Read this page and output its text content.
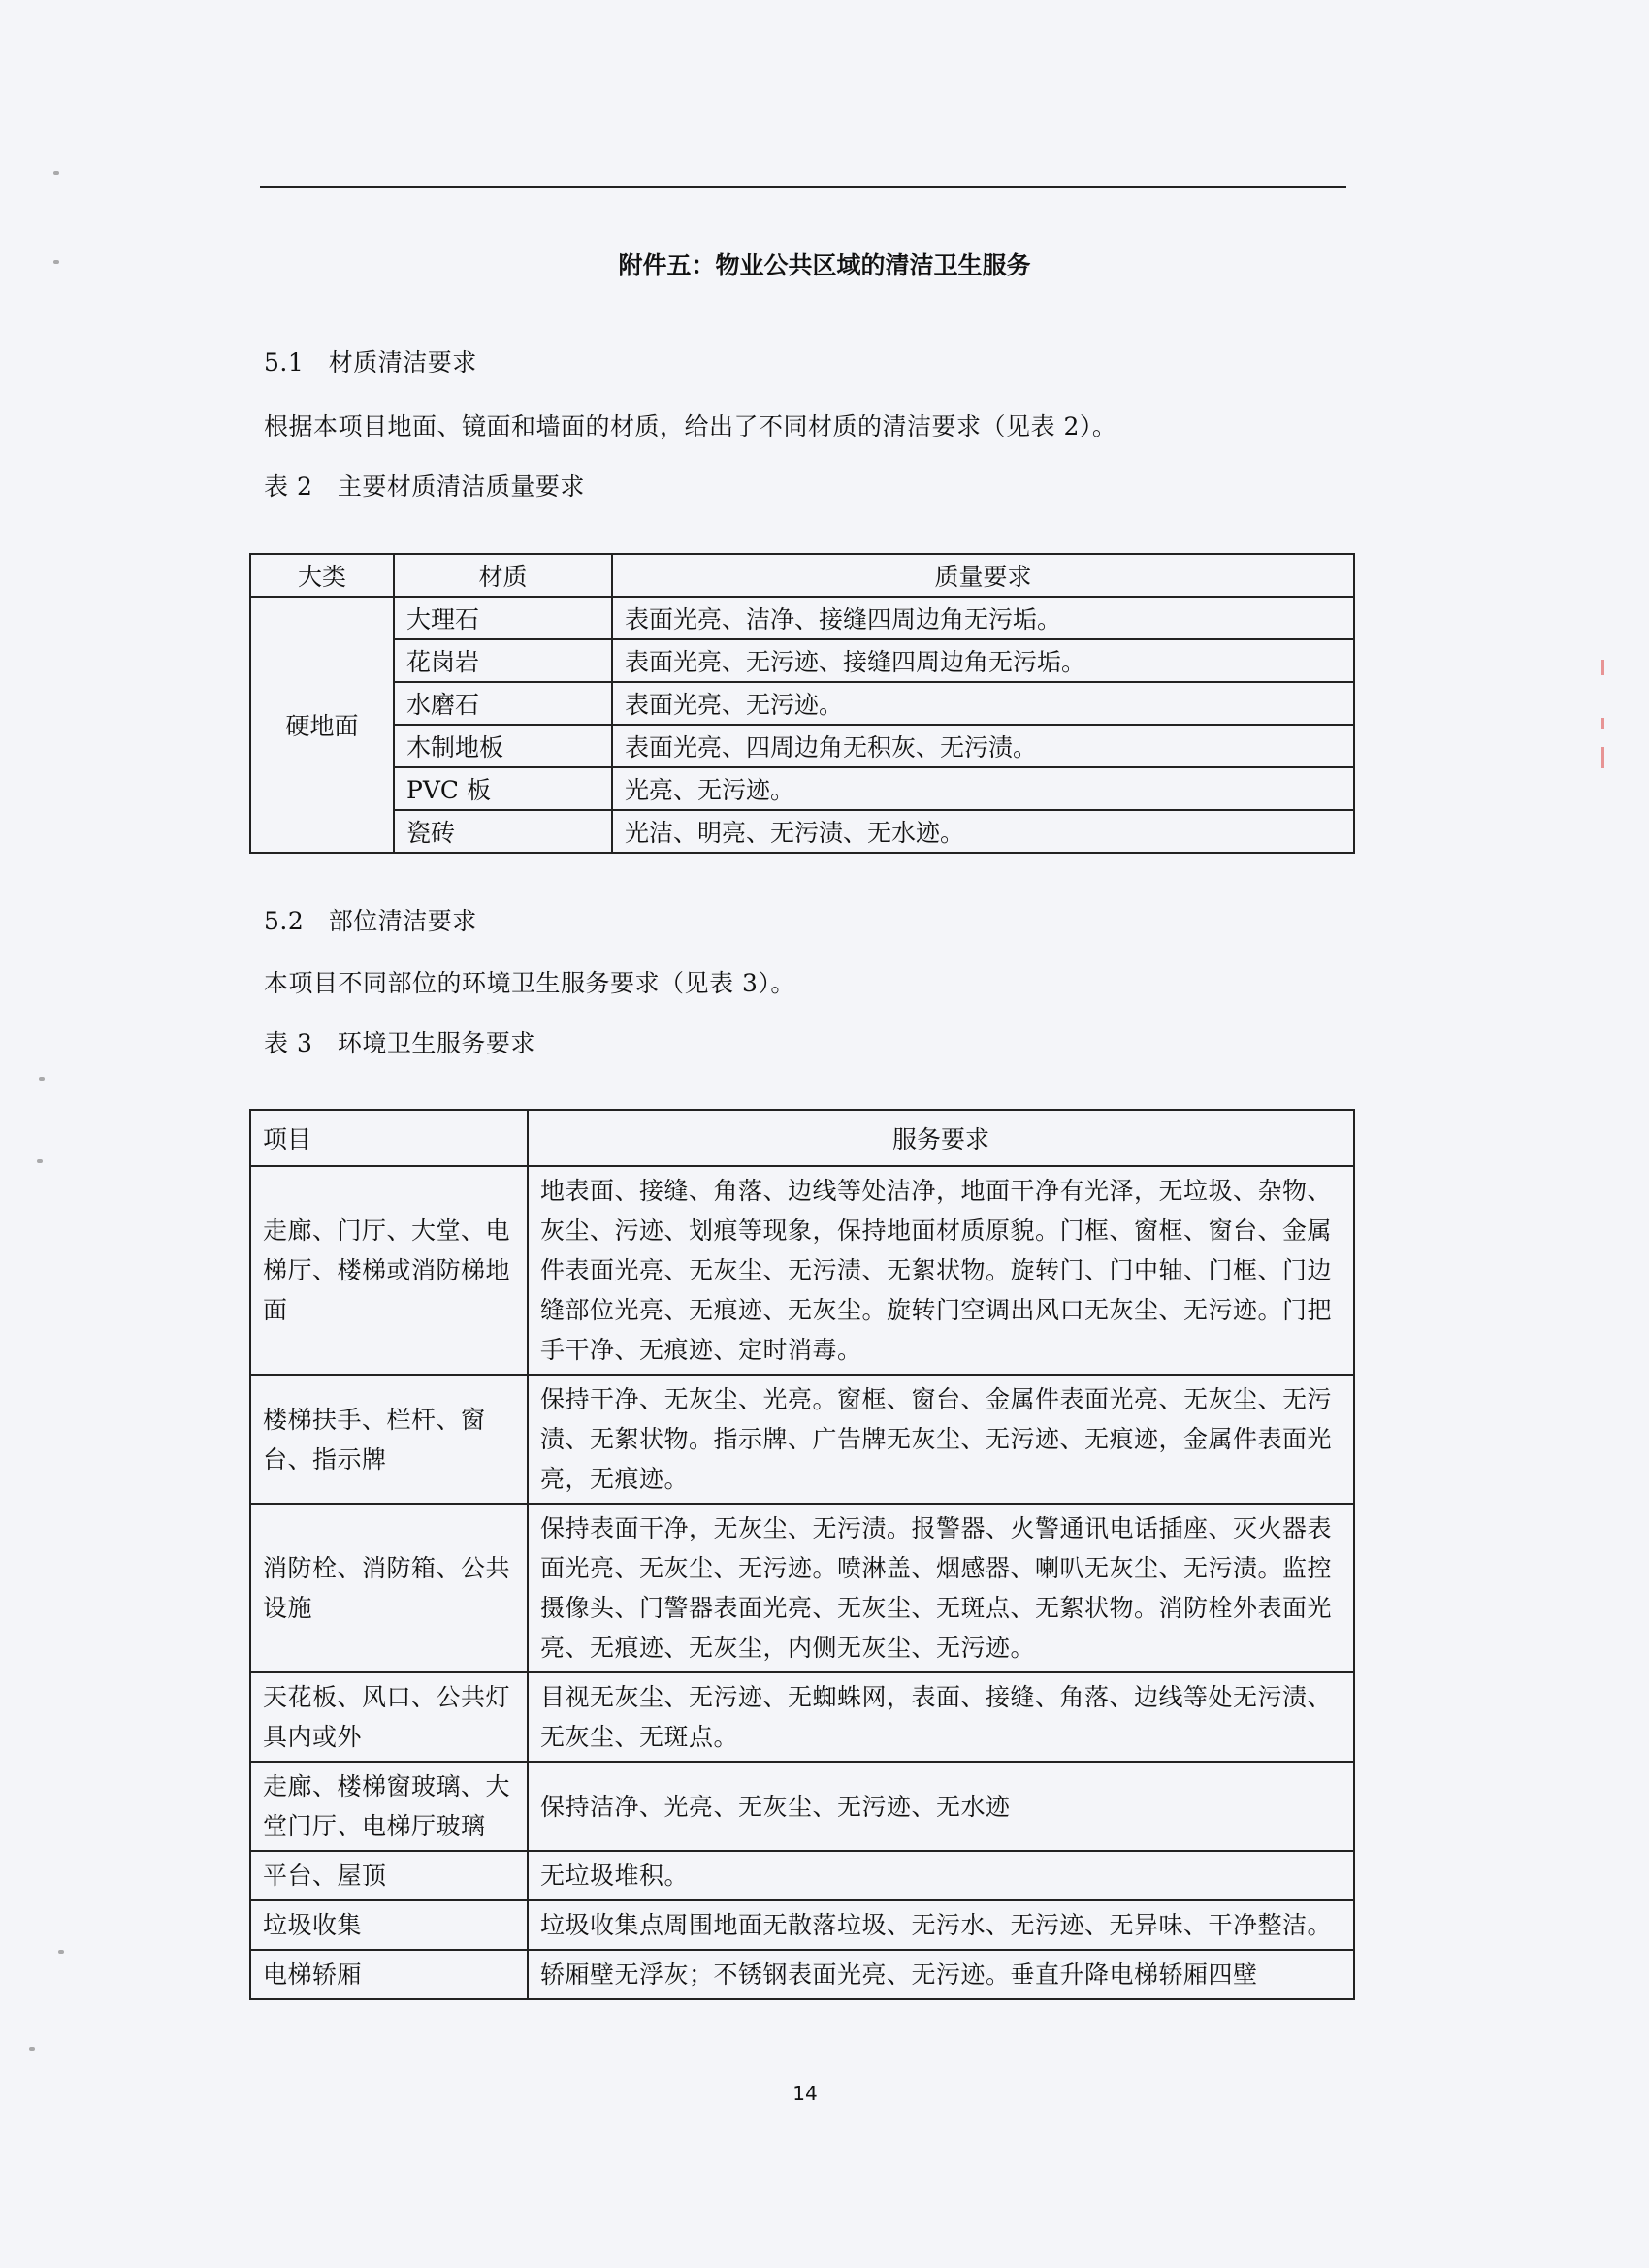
附件五：物业公共区域的清洁卫生服务
5.1　材质清洁要求
根据本项目地面、镜面和墙面的材质，给出了不同材质的清洁要求（见表 2）。
表 2　主要材质清洁质量要求
大类	材质	质量要求
硬地面	大理石	表面光亮、洁净、接缝四周边角无污垢。
	花岗岩	表面光亮、无污迹、接缝四周边角无污垢。
	水磨石	表面光亮、无污迹。
	木制地板	表面光亮、四周边角无积灰、无污渍。
	PVC 板	光亮、无污迹。
	瓷砖	光洁、明亮、无污渍、无水迹。
5.2　部位清洁要求
本项目不同部位的环境卫生服务要求（见表 3）。
表 3　环境卫生服务要求
项目	服务要求
走廊、门厅、大堂、电梯厅、楼梯或消防梯地面	地表面、接缝、角落、边线等处洁净，地面干净有光泽，无垃圾、杂物、灰尘、污迹、划痕等现象，保持地面材质原貌。门框、窗框、窗台、金属件表面光亮、无灰尘、无污渍、无絮状物。旋转门、门中轴、门框、门边缝部位光亮、无痕迹、无灰尘。旋转门空调出风口无灰尘、无污迹。门把手干净、无痕迹、定时消毒。
楼梯扶手、栏杆、窗台、指示牌	保持干净、无灰尘、光亮。窗框、窗台、金属件表面光亮、无灰尘、无污渍、无絮状物。指示牌、广告牌无灰尘、无污迹、无痕迹，金属件表面光亮，无痕迹。
消防栓、消防箱、公共设施	保持表面干净，无灰尘、无污渍。报警器、火警通讯电话插座、灭火器表面光亮、无灰尘、无污迹。喷淋盖、烟感器、喇叭无灰尘、无污渍。监控摄像头、门警器表面光亮、无灰尘、无斑点、无絮状物。消防栓外表面光亮、无痕迹、无灰尘，内侧无灰尘、无污迹。
天花板、风口、公共灯具内或外	目视无灰尘、无污迹、无蜘蛛网，表面、接缝、角落、边线等处无污渍、无灰尘、无斑点。
走廊、楼梯窗玻璃、大堂门厅、电梯厅玻璃	保持洁净、光亮、无灰尘、无污迹、无水迹
平台、屋顶	无垃圾堆积。
垃圾收集	垃圾收集点周围地面无散落垃圾、无污水、无污迹、无异味、干净整洁。
电梯轿厢	轿厢壁无浮灰；不锈钢表面光亮、无污迹。垂直升降电梯轿厢四壁
14
